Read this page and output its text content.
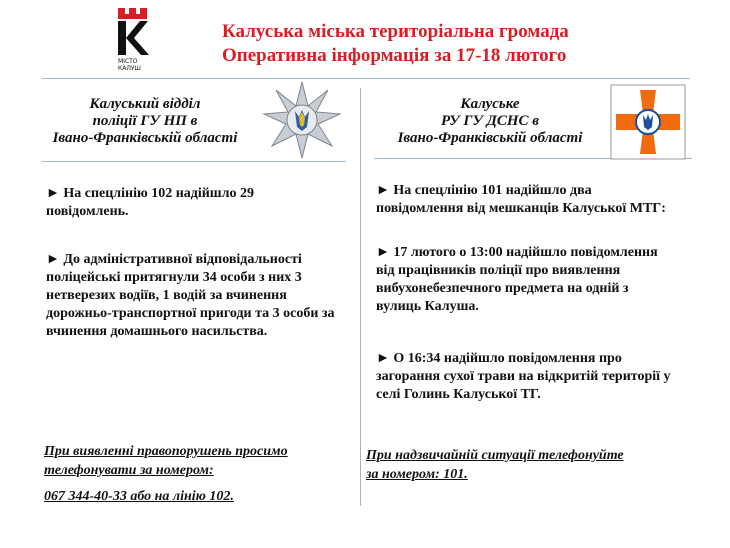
МІСТО
КАЛУШ
Калуська міська територіальна громада
Оперативна інформація за 17-18 лютого
Калуський відділ
поліції ГУ НП в
Івано-Франківській області
Калуське
РУ ГУ ДСНС в
Івано-Франківській області
► На спецлінію 102 надійшло 29 повідомлень.
► До адміністративної відповідальності поліцейські притягнули 34 особи з них 3 нетверезих водіїв, 1 водій за вчинення дорожньо-транспортної пригоди та 3 особи за вчинення домашнього насильства.
► На спецлінію 101 надійшло два повідомлення від мешканців Калуської МТГ:
► 17 лютого о 13:00 надійшло повідомлення від працівників поліції про виявлення вибухонебезпечного предмета на одній з вулиць Калуша.
► О 16:34 надійшло повідомлення про загорання сухої трави на відкритій території у селі Голинь Калуської ТГ.
При виявленні правопорушень просимо
телефонувати за номером:
067 344-40-33 або на лінію 102.
При надзвичайній ситуації телефонуйте
за номером: 101.
